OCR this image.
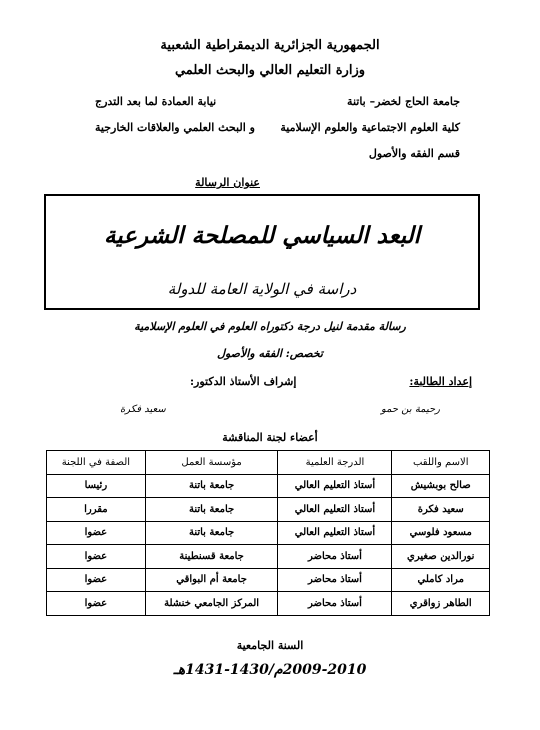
الجمهورية الجزائرية الديمقراطية الشعبية
وزارة التعليم العالي والبحث العلمي
جامعة الحاج لخضر– باتنة
كلية العلوم الاجتماعية والعلوم الإسلامية
قسم الفقه والأصول
نيابة العمادة لما بعد التدرج
و البحث العلمي والعلاقات الخارجية
عنوان الرسالة
البعد السياسي للمصلحة الشرعية
دراسة في الولاية العامة للدولة
رسالة مقدمة لنيل درجة دكتوراه العلوم في العلوم الإسلامية
تخصص: الفقه والأصول
إعداد الطالبة:
إشراف الأستاذ الدكتور:
رحيمة بن حمو
سعيد فكرة
أعضاء لجنة المناقشة
الاسم واللقب	الدرجة العلمية	مؤسسة العمل	الصفة في اللجنة
صالح بوبشيش	أستاذ التعليم العالي	جامعة باتنة	رئيسا
سعيد فكرة	أستاذ التعليم العالي	جامعة باتنة	مقررا
مسعود فلوسي	أستاذ التعليم العالي	جامعة باتنة	عضوا
نورالدين صغيري	أستاذ محاضر	جامعة قسنطينة	عضوا
مراد كاملي	أستاذ محاضر	جامعة أم البواقي	عضوا
الطاهر زواقري	أستاذ محاضر	المركز الجامعي خنشلة	عضوا
السنة الجامعية
2009-2010م/1430-1431هـ
